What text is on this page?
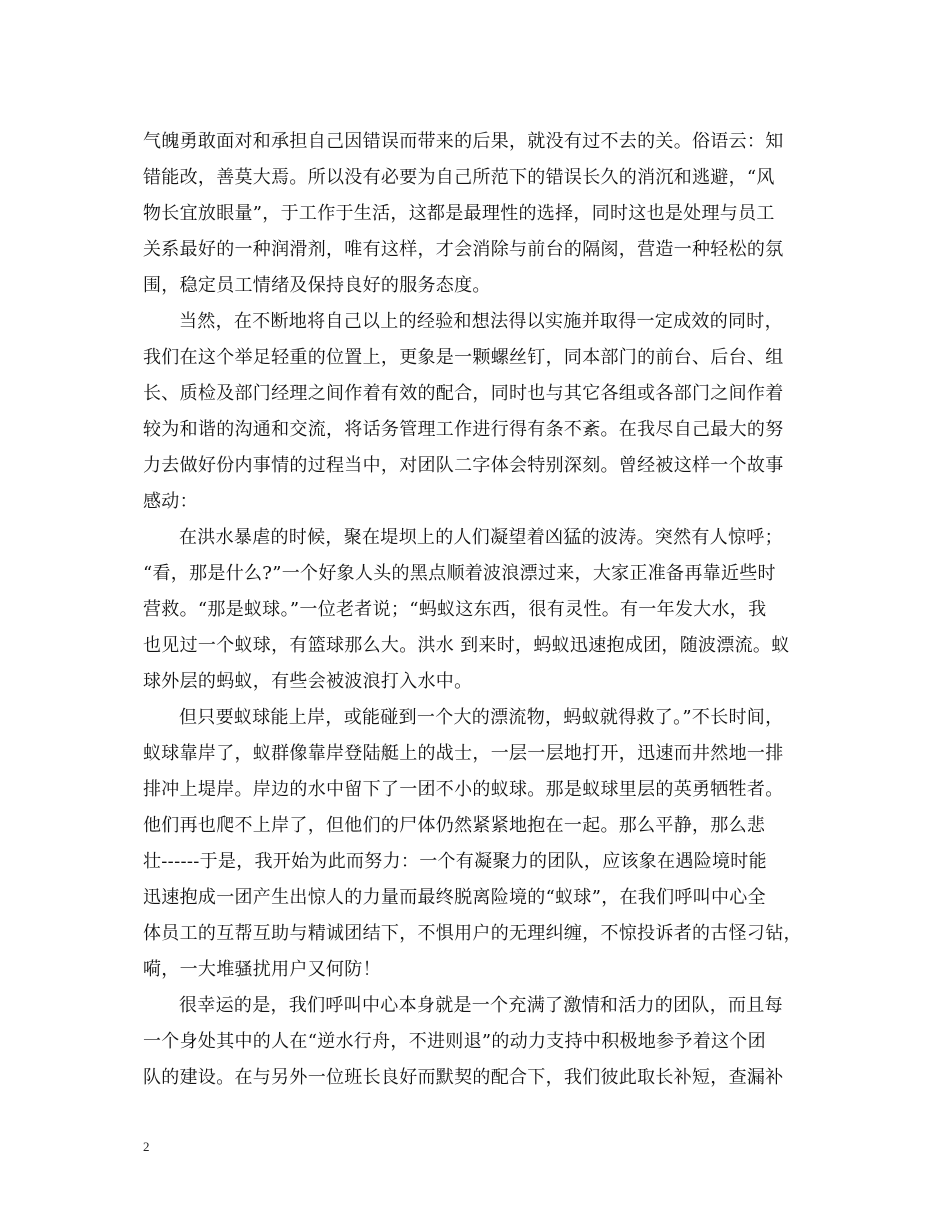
气魄勇敢面对和承担自己因错误而带来的后果，就没有过不去的关。俗语云：知
错能改，善莫大焉。所以没有必要为自己所范下的错误长久的消沉和逃避，“风
物长宜放眼量”，于工作于生活，这都是最理性的选择，同时这也是处理与员工
关系最好的一种润滑剂，唯有这样，才会消除与前台的隔阂，营造一种轻松的氛
围，稳定员工情绪及保持良好的服务态度。
当然，在不断地将自己以上的经验和想法得以实施并取得一定成效的同时，
我们在这个举足轻重的位置上，更象是一颗螺丝钉，同本部门的前台、后台、组
长、质检及部门经理之间作着有效的配合，同时也与其它各组或各部门之间作着
较为和谐的沟通和交流，将话务管理工作进行得有条不紊。在我尽自己最大的努
力去做好份内事情的过程当中，对团队二字体会特别深刻。曾经被这样一个故事
感动：
在洪水暴虐的时候，聚在堤坝上的人们凝望着凶猛的波涛。突然有人惊呼；
“看，那是什么?”一个好象人头的黑点顺着波浪漂过来，大家正准备再靠近些时
营救。“那是蚁球。”一位老者说；“蚂蚁这东西，很有灵性。有一年发大水，我
也见过一个蚁球，有篮球那么大。洪水 到来时，蚂蚁迅速抱成团，随波漂流。蚁
球外层的蚂蚁，有些会被波浪打入水中。
但只要蚁球能上岸，或能碰到一个大的漂流物，蚂蚁就得救了。”不长时间，
蚁球靠岸了，蚁群像靠岸登陆艇上的战士，一层一层地打开，迅速而井然地一排
排冲上堤岸。岸边的水中留下了一团不小的蚁球。那是蚁球里层的英勇牺牲者。
他们再也爬不上岸了，但他们的尸体仍然紧紧地抱在一起。那么平静，那么悲
壮------于是，我开始为此而努力：一个有凝聚力的团队，应该象在遇险境时能
迅速抱成一团产生出惊人的力量而最终脱离险境的“蚁球”，在我们呼叫中心全
体员工的互帮互助与精诚团结下，不惧用户的无理纠缠，不惊投诉者的古怪刁钻，
嗬，一大堆骚扰用户又何防！
很幸运的是，我们呼叫中心本身就是一个充满了激情和活力的团队，而且每
一个身处其中的人在“逆水行舟，不进则退”的动力支持中积极地参予着这个团
队的建设。在与另外一位班长良好而默契的配合下，我们彼此取长补短，查漏补
2
